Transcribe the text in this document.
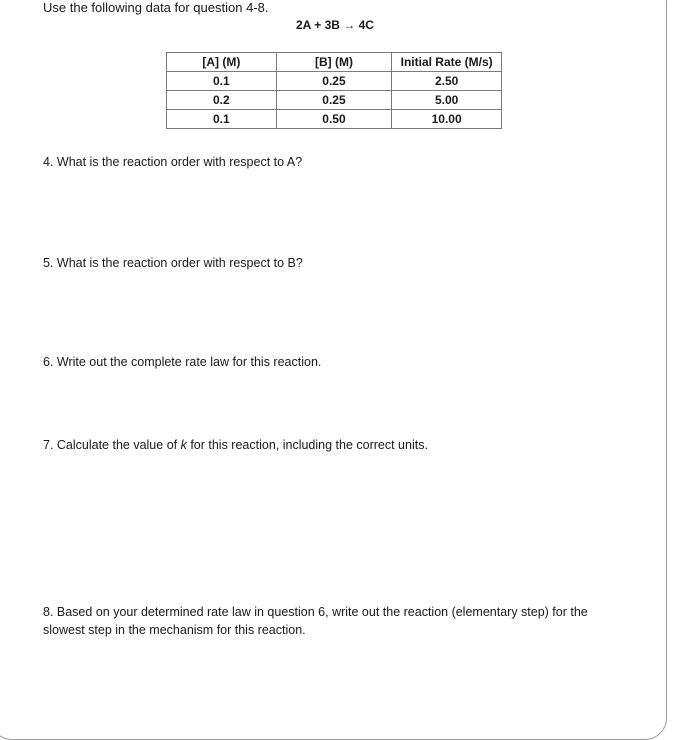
Use the following data for question 4-8.
2A + 3B → 4C
[A] (M)	[B] (M)	Initial Rate (M/s)
0.1	0.25	2.50
0.2	0.25	5.00
0.1	0.50	10.00
4. What is the reaction order with respect to A?
5. What is the reaction order with respect to B?
6. Write out the complete rate law for this reaction.
7. Calculate the value of k for this reaction, including the correct units.
8. Based on your determined rate law in question 6, write out the reaction (elementary step) for the slowest step in the mechanism for this reaction.
